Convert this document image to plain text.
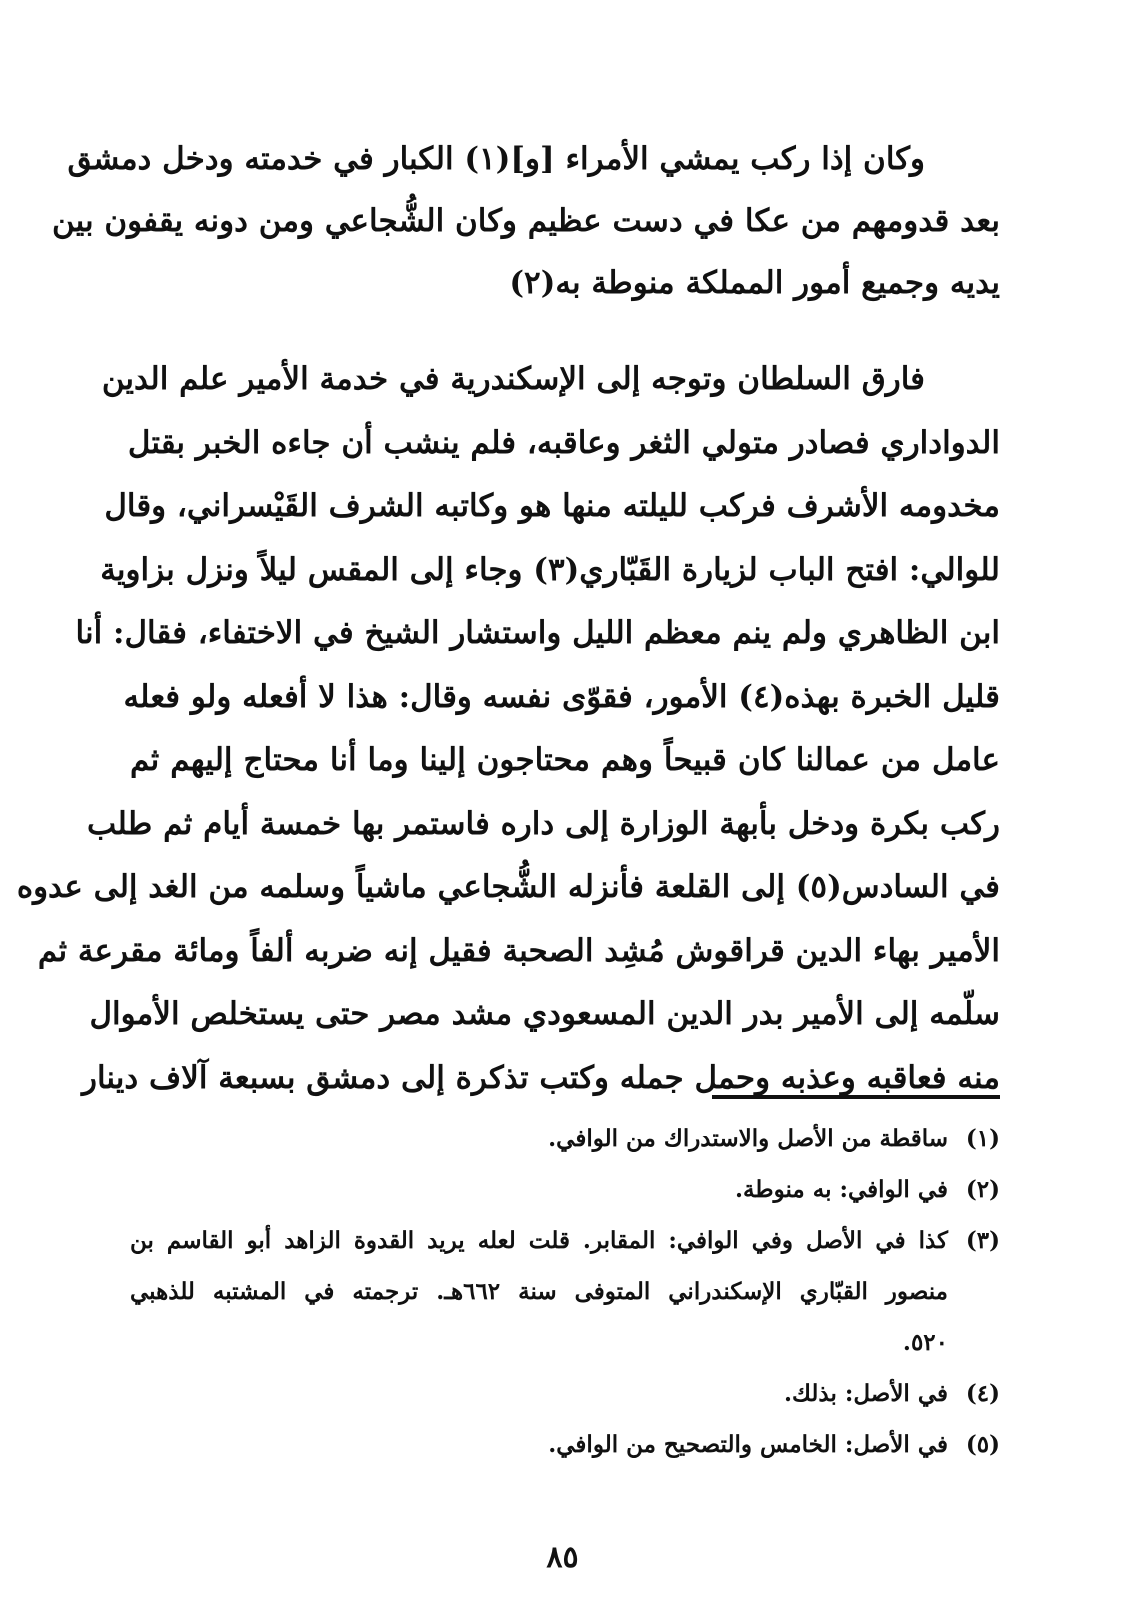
وكان إذا ركب يمشي الأمراء [و](١) الكبار في خدمته ودخل دمشق
بعد قدومهم من عكا في دست عظيم وكان الشُّجاعي ومن دونه يقفون بين
يديه وجميع أمور المملكة منوطة به(٢)
فارق السلطان وتوجه إلى الإسكندرية في خدمة الأمير علم الدين
الدواداري فصادر متولي الثغر وعاقبه، فلم ينشب أن جاءه الخبر بقتل
مخدومه الأشرف فركب لليلته منها هو وكاتبه الشرف القَيْسراني، وقال
للوالي: افتح الباب لزيارة القَبّاري(٣) وجاء إلى المقس ليلاً ونزل بزاوية
ابن الظاهري ولم ينم معظم الليل واستشار الشيخ في الاختفاء، فقال: أنا
قليل الخبرة بهذه(٤) الأمور، فقوّى نفسه وقال: هذا لا أفعله ولو فعله
عامل من عمالنا كان قبيحاً وهم محتاجون إلينا وما أنا محتاج إليهم ثم
ركب بكرة ودخل بأبهة الوزارة إلى داره فاستمر بها خمسة أيام ثم طلب
في السادس(٥) إلى القلعة فأنزله الشُّجاعي ماشياً وسلمه من الغد إلى عدوه
الأمير بهاء الدين قراقوش مُشِد الصحبة فقيل إنه ضربه ألفاً ومائة مقرعة ثم
سلّمه إلى الأمير بدر الدين المسعودي مشد مصر حتى يستخلص الأموال
منه فعاقبه وعذبه وحمل جمله وكتب تذكرة إلى دمشق بسبعة آلاف دينار
(١)
ساقطة من الأصل والاستدراك من الوافي.
(٢)
في الوافي: به منوطة.
(٣)
كذا في الأصل وفي الوافي: المقابر. قلت لعله يريد القدوة الزاهد أبو القاسم بن
منصور القبّاري الإسكندراني المتوفى سنة ٦٦٢هـ. ترجمته في المشتبه للذهبي
٥٢٠.
(٤)
في الأصل: بذلك.
(٥)
في الأصل: الخامس والتصحيح من الوافي.
٨٥
